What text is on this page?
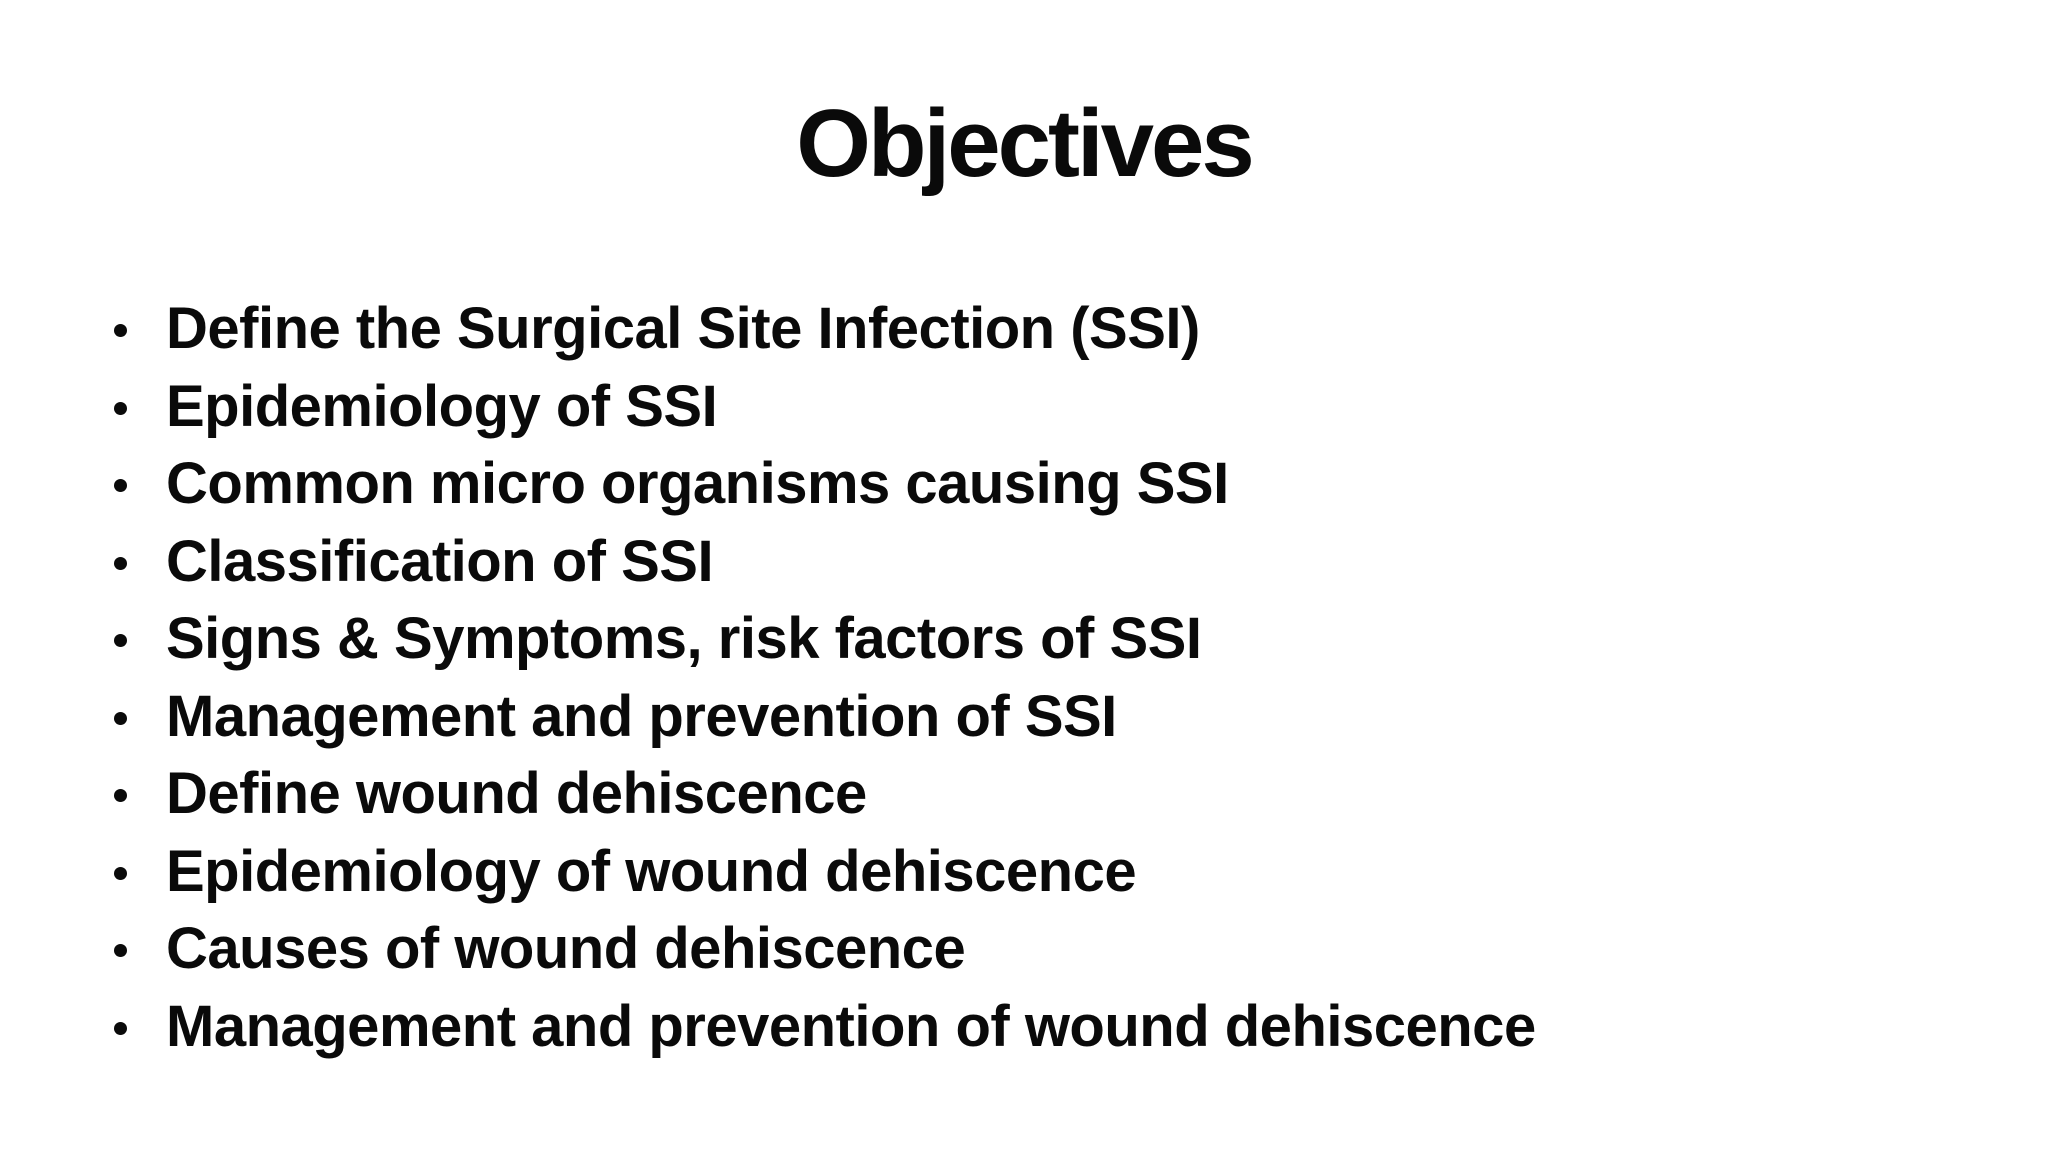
Objectives
Define the Surgical Site Infection (SSI)
Epidemiology of SSI
Common micro organisms causing SSI
Classification of SSI
Signs & Symptoms, risk factors of SSI
Management and prevention of SSI
Define wound dehiscence
Epidemiology of wound dehiscence
Causes of wound dehiscence
Management and prevention of wound dehiscence
